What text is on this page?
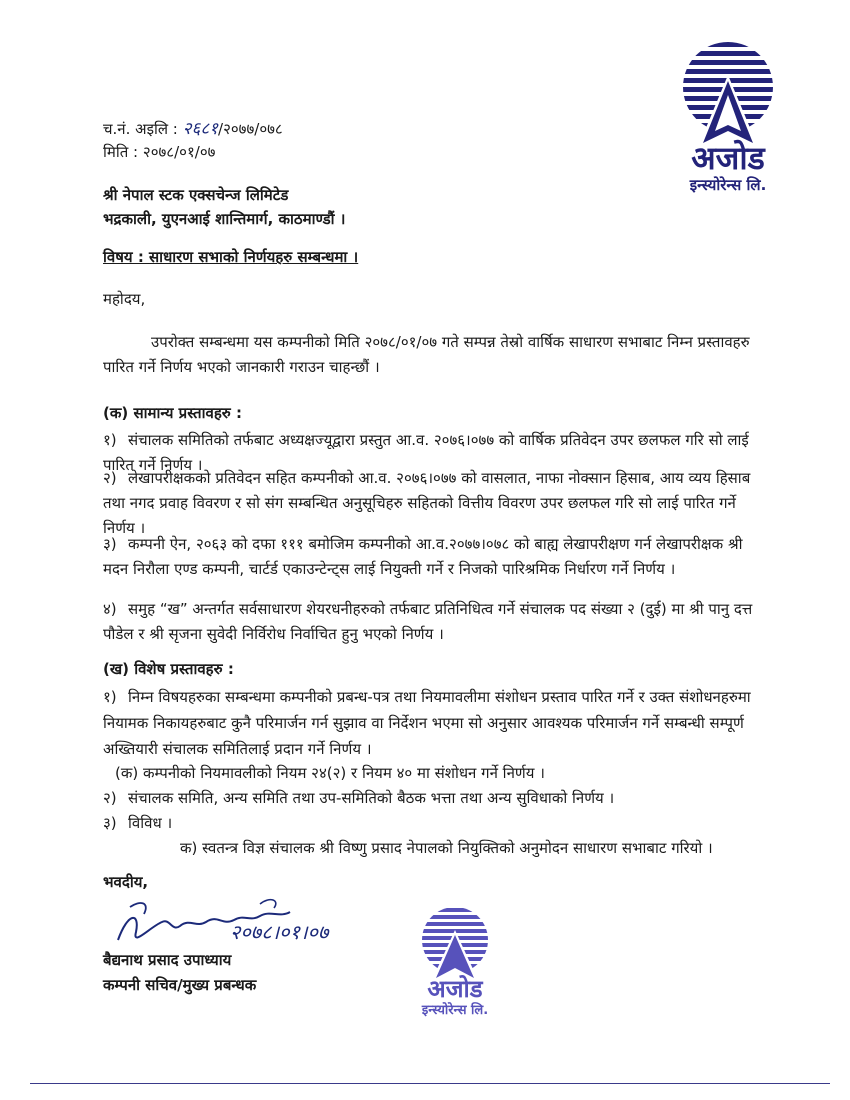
अजोड
इन्स्योरेन्स लि.
च.नं. अइलि : २६८१/२०७७/०७८
मिति : २०७८/०१/०७
श्री नेपाल स्टक एक्सचेन्ज लिमिटेड
भद्रकाली, युएनआई शान्तिमार्ग, काठमाण्डौं ।
विषय : साधारण सभाको निर्णयहरु सम्बन्धमा ।
महोदय,
उपरोक्त सम्बन्धमा यस कम्पनीको मिति २०७८/०१/०७ गते सम्पन्न तेस्रो वार्षिक साधारण सभाबाट निम्न प्रस्तावहरु पारित गर्ने निर्णय भएको जानकारी गराउन चाहन्छौं ।
(क) सामान्य प्रस्तावहरु :
१) संचालक समितिको तर्फबाट अध्यक्षज्यूद्वारा प्रस्तुत आ.व. २०७६।०७७ को वार्षिक प्रतिवेदन उपर छलफल गरि सो लाई पारित गर्ने निर्णय ।
२) लेखापरीक्षकको प्रतिवेदन सहित कम्पनीको आ.व. २०७६।०७७ को वासलात, नाफा नोक्सान हिसाब, आय व्यय हिसाब तथा नगद प्रवाह विवरण र सो संग सम्बन्धित अनुसूचिहरु सहितको वित्तीय विवरण उपर छलफल गरि सो लाई पारित गर्ने निर्णय ।
३) कम्पनी ऐन, २०६३ को दफा १११ बमोजिम कम्पनीको आ.व.२०७७।०७८ को बाह्य लेखापरीक्षण गर्न लेखापरीक्षक श्री मदन निरौला एण्ड कम्पनी, चार्टर्ड एकाउन्टेन्ट्स लाई नियुक्ती गर्ने र निजको पारिश्रमिक निर्धारण गर्ने निर्णय ।
४) समुह “ख” अन्तर्गत सर्वसाधारण शेयरधनीहरुको तर्फबाट प्रतिनिधित्व गर्ने संचालक पद संख्या २ (दुई) मा श्री पानु दत्त पौडेल र श्री सृजना सुवेदी निर्विरोध निर्वाचित हुनु भएको निर्णय ।
(ख) विशेष प्रस्तावहरु :
१) निम्न विषयहरुका सम्बन्धमा कम्पनीको प्रबन्ध-पत्र तथा नियमावलीमा संशोधन प्रस्ताव पारित गर्ने र उक्त संशोधनहरुमा नियामक निकायहरुबाट कुनै परिमार्जन गर्न सुझाव वा निर्देशन भएमा सो अनुसार आवश्यक परिमार्जन गर्ने सम्बन्धी सम्पूर्ण अख्तियारी संचालक समितिलाई प्रदान गर्ने निर्णय ।
(क) कम्पनीको नियमावलीको नियम २४(२) र नियम ४० मा संशोधन गर्ने निर्णय ।
२) संचालक समिति, अन्य समिति तथा उप-समितिको बैठक भत्ता तथा अन्य सुविधाको निर्णय ।
३) विविध ।
क) स्वतन्त्र विज्ञ संचालक श्री विष्णु प्रसाद नेपालको नियुक्तिको अनुमोदन साधारण सभाबाट गरियो ।
भवदीय,
२०७८।०१।०७
बैद्यनाथ प्रसाद उपाध्याय
कम्पनी सचिव/मुख्य प्रबन्धक	अजोड
इन्स्योरेन्स लि.
